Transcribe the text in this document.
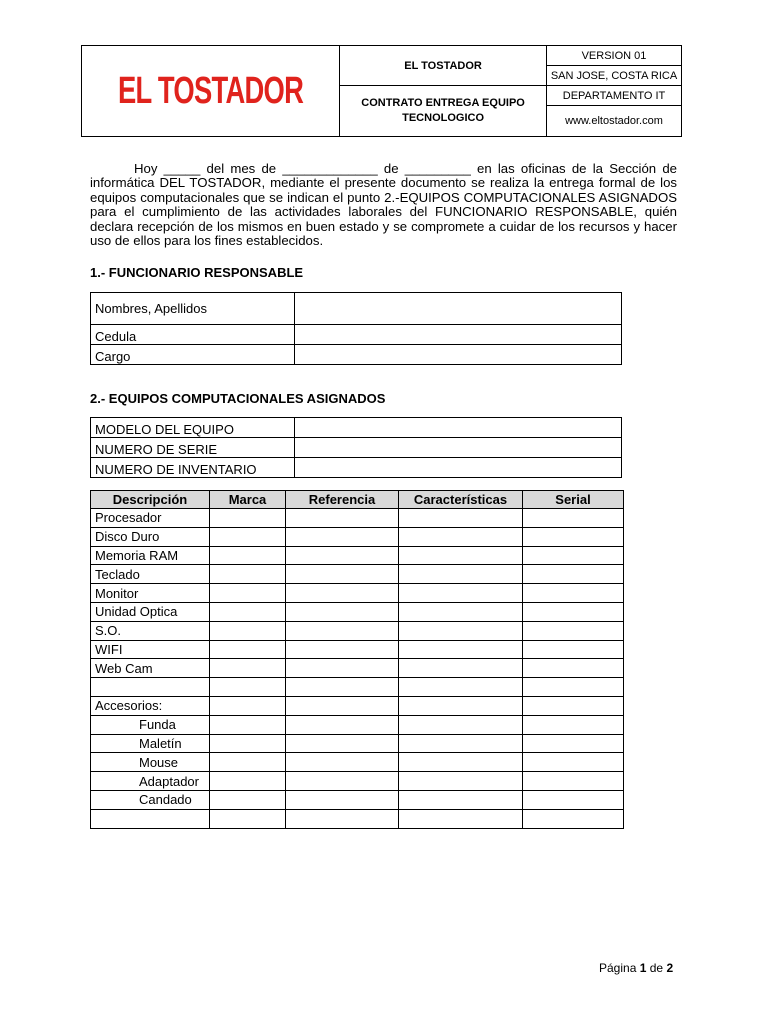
EL TOSTADOR	EL TOSTADOR	VERSION 01
		SAN JOSE, COSTA RICA
	CONTRATO ENTREGA EQUIPO TECNOLOGICO	DEPARTAMENTO IT
		www.eltostador.com
Hoy _____ del mes de _____________ de _________ en las oficinas de la Sección de informática DEL TOSTADOR, mediante el presente documento se realiza la entrega formal de los equipos computacionales que se indican el punto 2.-EQUIPOS COMPUTACIONALES ASIGNADOS para el cumplimiento de las actividades laborales del FUNCIONARIO RESPONSABLE, quién declara recepción de los mismos en buen estado y se compromete a cuidar de los recursos y hacer uso de ellos para los fines establecidos.
1.- FUNCIONARIO RESPONSABLE
Nombres, Apellidos	
Cedula	
Cargo	
2.- EQUIPOS COMPUTACIONALES ASIGNADOS
MODELO DEL EQUIPO	
NUMERO DE SERIE	
NUMERO DE INVENTARIO	
Descripción	Marca	Referencia	Características	Serial
Procesador				
Disco Duro				
Memoria RAM				
Teclado				
Monitor				
Unidad Optica				
S.O.				
WIFI				
Web Cam				

Accesorios:				
Funda				
Maletín				
Mouse				
Adaptador				
Candado				

Página 1 de 2
